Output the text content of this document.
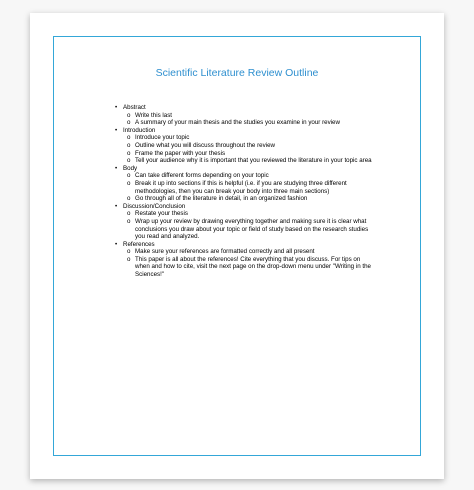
Scientific Literature Review Outline
• Abstract
o Write this last
o A summary of your main thesis and the studies you examine in your review
• Introduction
o Introduce your topic
o Outline what you will discuss throughout the review
o Frame the paper with your thesis
o Tell your audience why it is important that you reviewed the literature in your topic area
• Body
o Can take different forms depending on your topic
o Break it up into sections if this is helpful (i.e. if you are studying three different methodologies, then you can break your body into three main sections)
o Go through all of the literature in detail, in an organized fashion
• Discussion/Conclusion
o Restate your thesis
o Wrap up your review by drawing everything together and making sure it is clear what conclusions you draw about your topic or field of study based on the research studies you read and analyzed.
• References
o Make sure your references are formatted correctly and all present
o This paper is all about the references! Cite everything that you discuss. For tips on when and how to cite, visit the next page on the drop-down menu under "Writing in the Sciences!"
